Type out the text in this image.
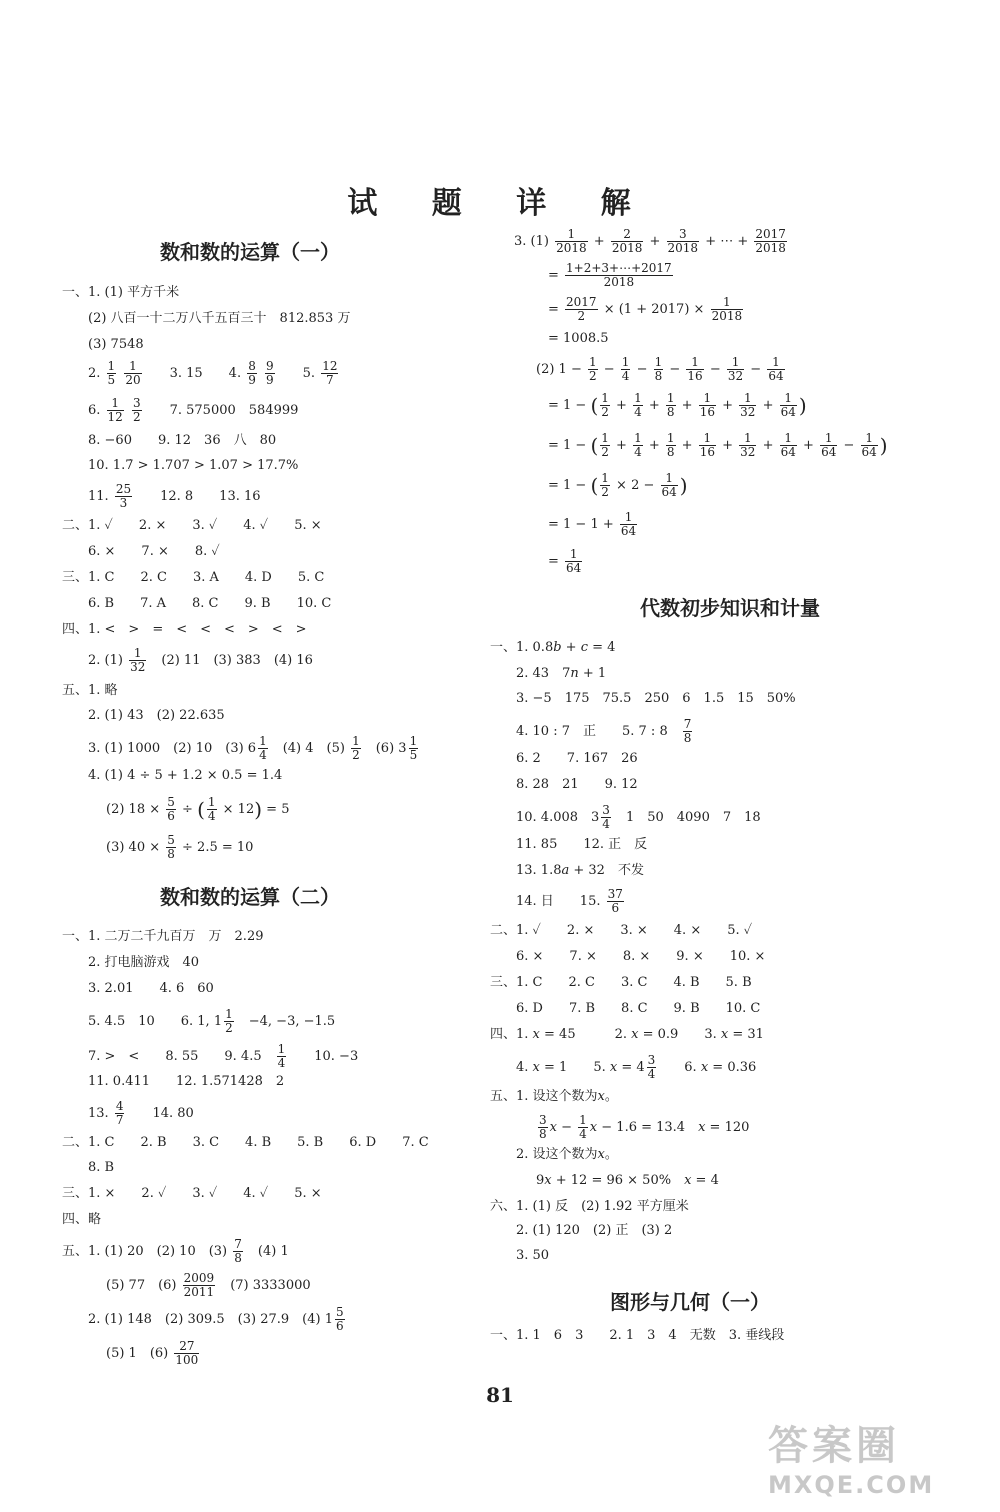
试 题 详 解
数和数的运算（一）
一、1. (1) 平方千米
(2) 八百一十二万八千五百三十　812.853 万
(3) 7548
2. $\frac{1}{5}$
$\frac{1}{20}$ 　　3. 15　　4. $\frac{8}{9}$
$\frac{9}{9}$ 　　5. $\frac{12}{7}$
6. $\frac{1}{12}$
$\frac{3}{2}$ 　　7. 575000　584999
8. −60　　9. 12　36　八　80
10. 1.7̇ > 1.707 > 1.07 > 17.7%
11. $\frac{25}{3}$ 　　12. 8　　13. 16
二、1. ✓　　2. ×　　3. ✓　　4. ✓　　5. ×
6. ×　　7. ×　　8. ✓
三、1. C　　2. C　　3. A　　4. D　　5. C
6. B　　7. A　　8. C　　9. B　　10. C
四、1. <　>　=　<　<　<　>　<　>
2. $(1) \frac{1}{32}$ 　(2) 11　(3) 383　(4) 16
五、1. 略
2. (1) 43　(2) 22.635
3. (1) 1000　(2) 10　(3) $6 \frac{1}{4}$ 　(4) 4　$(5) \frac{1}{2}$ 　(6) $3 \frac{1}{5}$
4. (1) 4 ÷ 5 + 1.2 × 0.5 = 1.4
(2) $18 \times \frac{5}{6}$ ÷ ( $\frac{1}{4} \times 12) = 5$
(3) $40 \times \frac{5}{8} \div 2.5 = 10$
数和数的运算（二）
一、1. 二万二千九百万　万　2.29
2. 打电脑游戏　40
3. 2.01　　4. 6　60
5. 4.5　10　　6. 1, $1 \frac{1}{2}$ 　−4, −3, −1.5
7. >　<　　8. 55　　9. 4.5　 $\frac{1}{4}$ 　　10. −3
11. 0.411　　12. 1.5̇71428̇　2
13. $\frac{4}{7}$ 　　14. 80
二、1. C　　2. B　　3. C　　4. B　　5. B　　6. D　　7. C
8. B
三、1. ×　　2. ✓　　3. ✓　　4. ✓　　5. ×
四、略
五、1. (1) 20　(2) 10　$(3) \frac{7}{8}$ 　(4) 1
(5) 77　$(6) \frac{2009}{2011}$ 　(7) 3333000
2. (1) 148　(2) 309.5　(3) 27.9　(4) $1 \frac{5}{6}$
(5) 1　$(6) \frac{27}{100}$
3. $(1) \frac{1}{2018} + \frac{2}{2018} + \frac{3}{2018}$ + ⋯ + $\frac{2017}{2018}$
= $\frac{1+2+3+\cdots+2017}{2018}$
= $\frac{2017}{2} \times (1 + 2017) \times \frac{1}{2018}$
= 1008.5
(2) $1 - \frac{1}{2} - \frac{1}{4} - \frac{1}{8} - \frac{1}{16} - \frac{1}{32} - \frac{1}{64}$
= 1 − ( $\frac{1}{2} + \frac{1}{4} + \frac{1}{8} + \frac{1}{16} + \frac{1}{32} + \frac{1}{64}$ )
= 1 − ( $\frac{1}{2} + \frac{1}{4} + \frac{1}{8} + \frac{1}{16} + \frac{1}{32} + \frac{1}{64} + \frac{1}{64} - \frac{1}{64}$ )
= 1 − ( $\frac{1}{2} \times 2 - \frac{1}{64}$ )
= $1 - 1 + \frac{1}{64}$
= $\frac{1}{64}$
代数初步知识和计量
一、1. 0.8b + c = 4
2. 43　7n + 1
3. −5　175　75.5　250　6　1.5　15　50%
4. 10 : 7　正　　5. 7 : 8　 $\frac{7}{8}$
6. 2　　7. 167　26
8. 28　21　　9. 12
10. 4.008　$3 \frac{3}{4}$ 　1　50　4090　7　18
11. 85　　12. 正　反
13. 1.8a + 32　不发
14. 日　　15. $\frac{37}{6}$
二、1. ✓　　2. ×　　3. ×　　4. ×　　5. ✓
6. ×　　7. ×　　8. ×　　9. ×　　10. ×
三、1. C　　2. C　　3. C　　4. B　　5. B
6. D　　7. B　　8. C　　9. B　　10. C
四、1. x = 45　　　2. x = 0.9　　3. x = 31
4. x = 1　　5. $x = 4 \frac{3}{4}$ 　　6. x = 0.36
五、1. 设这个数为x。
$\frac{3}{8}$ $x - \frac{1}{4}$ x − 1.6 = 13.4　x = 120
2. 设这个数为x。
9x + 12 = 96 × 50%　x = 4
六、1. (1) 反　(2) 1.92 平方厘米
2. (1) 120　(2) 正　(3) 2
3. 50
图形与几何（一）
一、1. 1　6　3　　2. 1　3　4　无数　3. 垂线段
81
答案圈
MXQE.COM
